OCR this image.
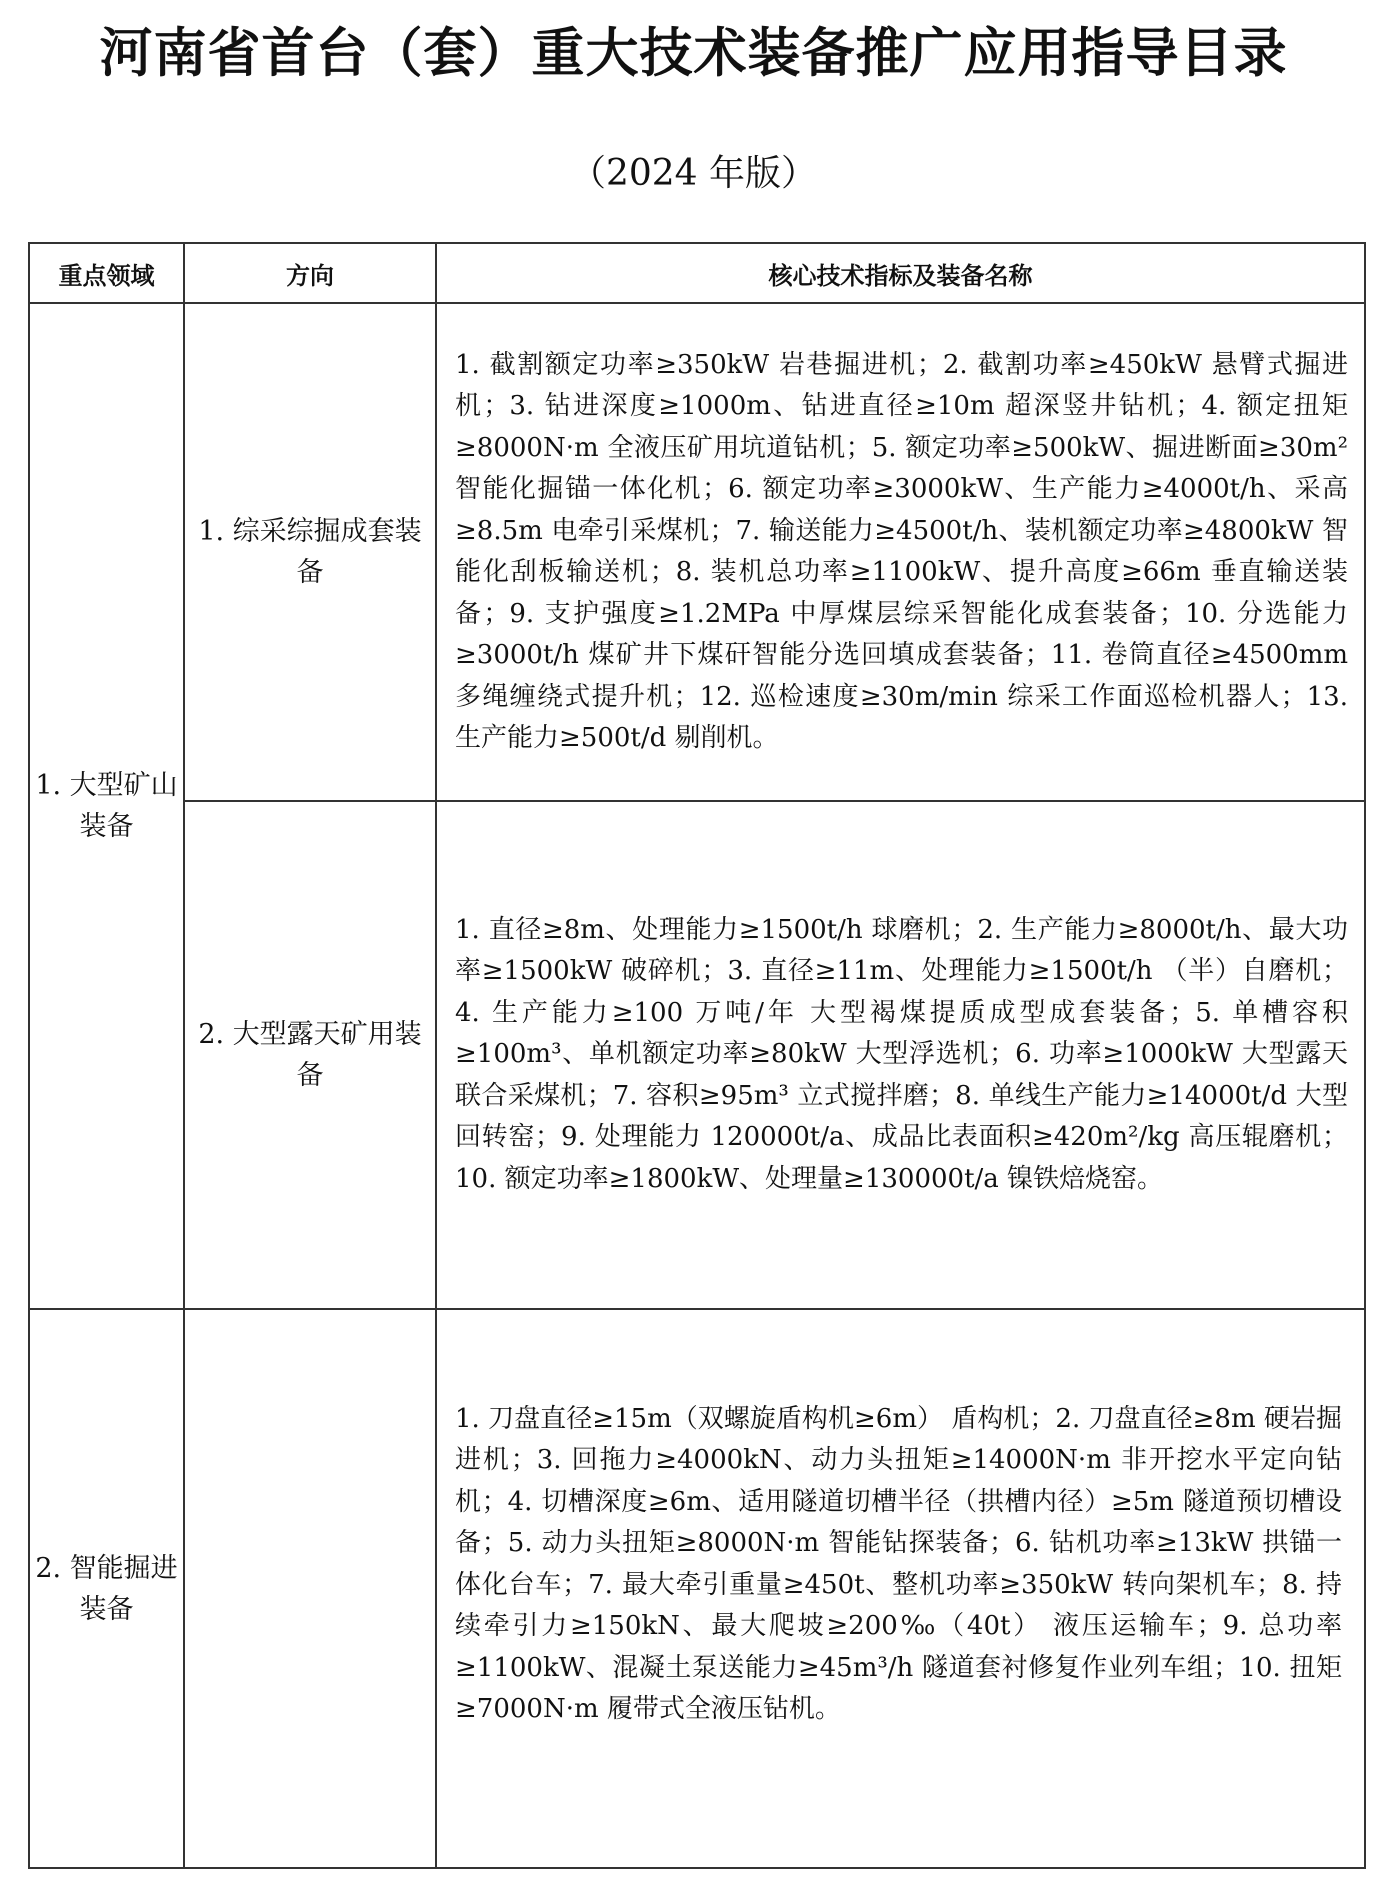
河南省首台（套）重大技术装备推广应用指导目录
（2024 年版）
重点领域	方向	核心技术指标及装备名称
1. 大型矿山装备	1. 综采综掘成套装备	1. 截割额定功率≥350kW 岩巷掘进机；2. 截割功率≥450kW 悬臂式掘进机；3. 钻进深度≥1000m、钻进直径≥10m 超深竖井钻机；4. 额定扭矩≥8000N·m 全液压矿用坑道钻机；5. 额定功率≥500kW、掘进断面≥30m² 智能化掘锚一体化机；6. 额定功率≥3000kW、生产能力≥4000t/h、采高≥8.5m 电牵引采煤机；7. 输送能力≥4500t/h、装机额定功率≥4800kW 智能化刮板输送机；8. 装机总功率≥1100kW、提升高度≥66m 垂直输送装备；9. 支护强度≥1.2MPa 中厚煤层综采智能化成套装备；10. 分选能力≥3000t/h 煤矿井下煤矸智能分选回填成套装备；11. 卷筒直径≥4500mm 多绳缠绕式提升机；12. 巡检速度≥30m/min 综采工作面巡检机器人；13. 生产能力≥500t/d 剔削机。
	2. 大型露天矿用装备	1. 直径≥8m、处理能力≥1500t/h 球磨机；2. 生产能力≥8000t/h、最大功率≥1500kW 破碎机；3. 直径≥11m、处理能力≥1500t/h （半）自磨机；4. 生产能力≥100 万吨/年 大型褐煤提质成型成套装备；5. 单槽容积≥100m³、单机额定功率≥80kW 大型浮选机；6. 功率≥1000kW 大型露天联合采煤机；7. 容积≥95m³ 立式搅拌磨；8. 单线生产能力≥14000t/d 大型回转窑；9. 处理能力 120000t/a、成品比表面积≥420m²/kg 高压辊磨机；10. 额定功率≥1800kW、处理量≥130000t/a 镍铁焙烧窑。
2. 智能掘进装备		1. 刀盘直径≥15m（双螺旋盾构机≥6m） 盾构机；2. 刀盘直径≥8m 硬岩掘进机；3. 回拖力≥4000kN、动力头扭矩≥14000N·m 非开挖水平定向钻机；4. 切槽深度≥6m、适用隧道切槽半径（拱槽内径）≥5m 隧道预切槽设备；5. 动力头扭矩≥8000N·m 智能钻探装备；6. 钻机功率≥13kW 拱锚一体化台车；7. 最大牵引重量≥450t、整机功率≥350kW 转向架机车；8. 持续牵引力≥150kN、最大爬坡≥200‰（40t） 液压运输车；9. 总功率≥1100kW、混凝土泵送能力≥45m³/h 隧道套衬修复作业列车组；10. 扭矩≥7000N·m 履带式全液压钻机。
